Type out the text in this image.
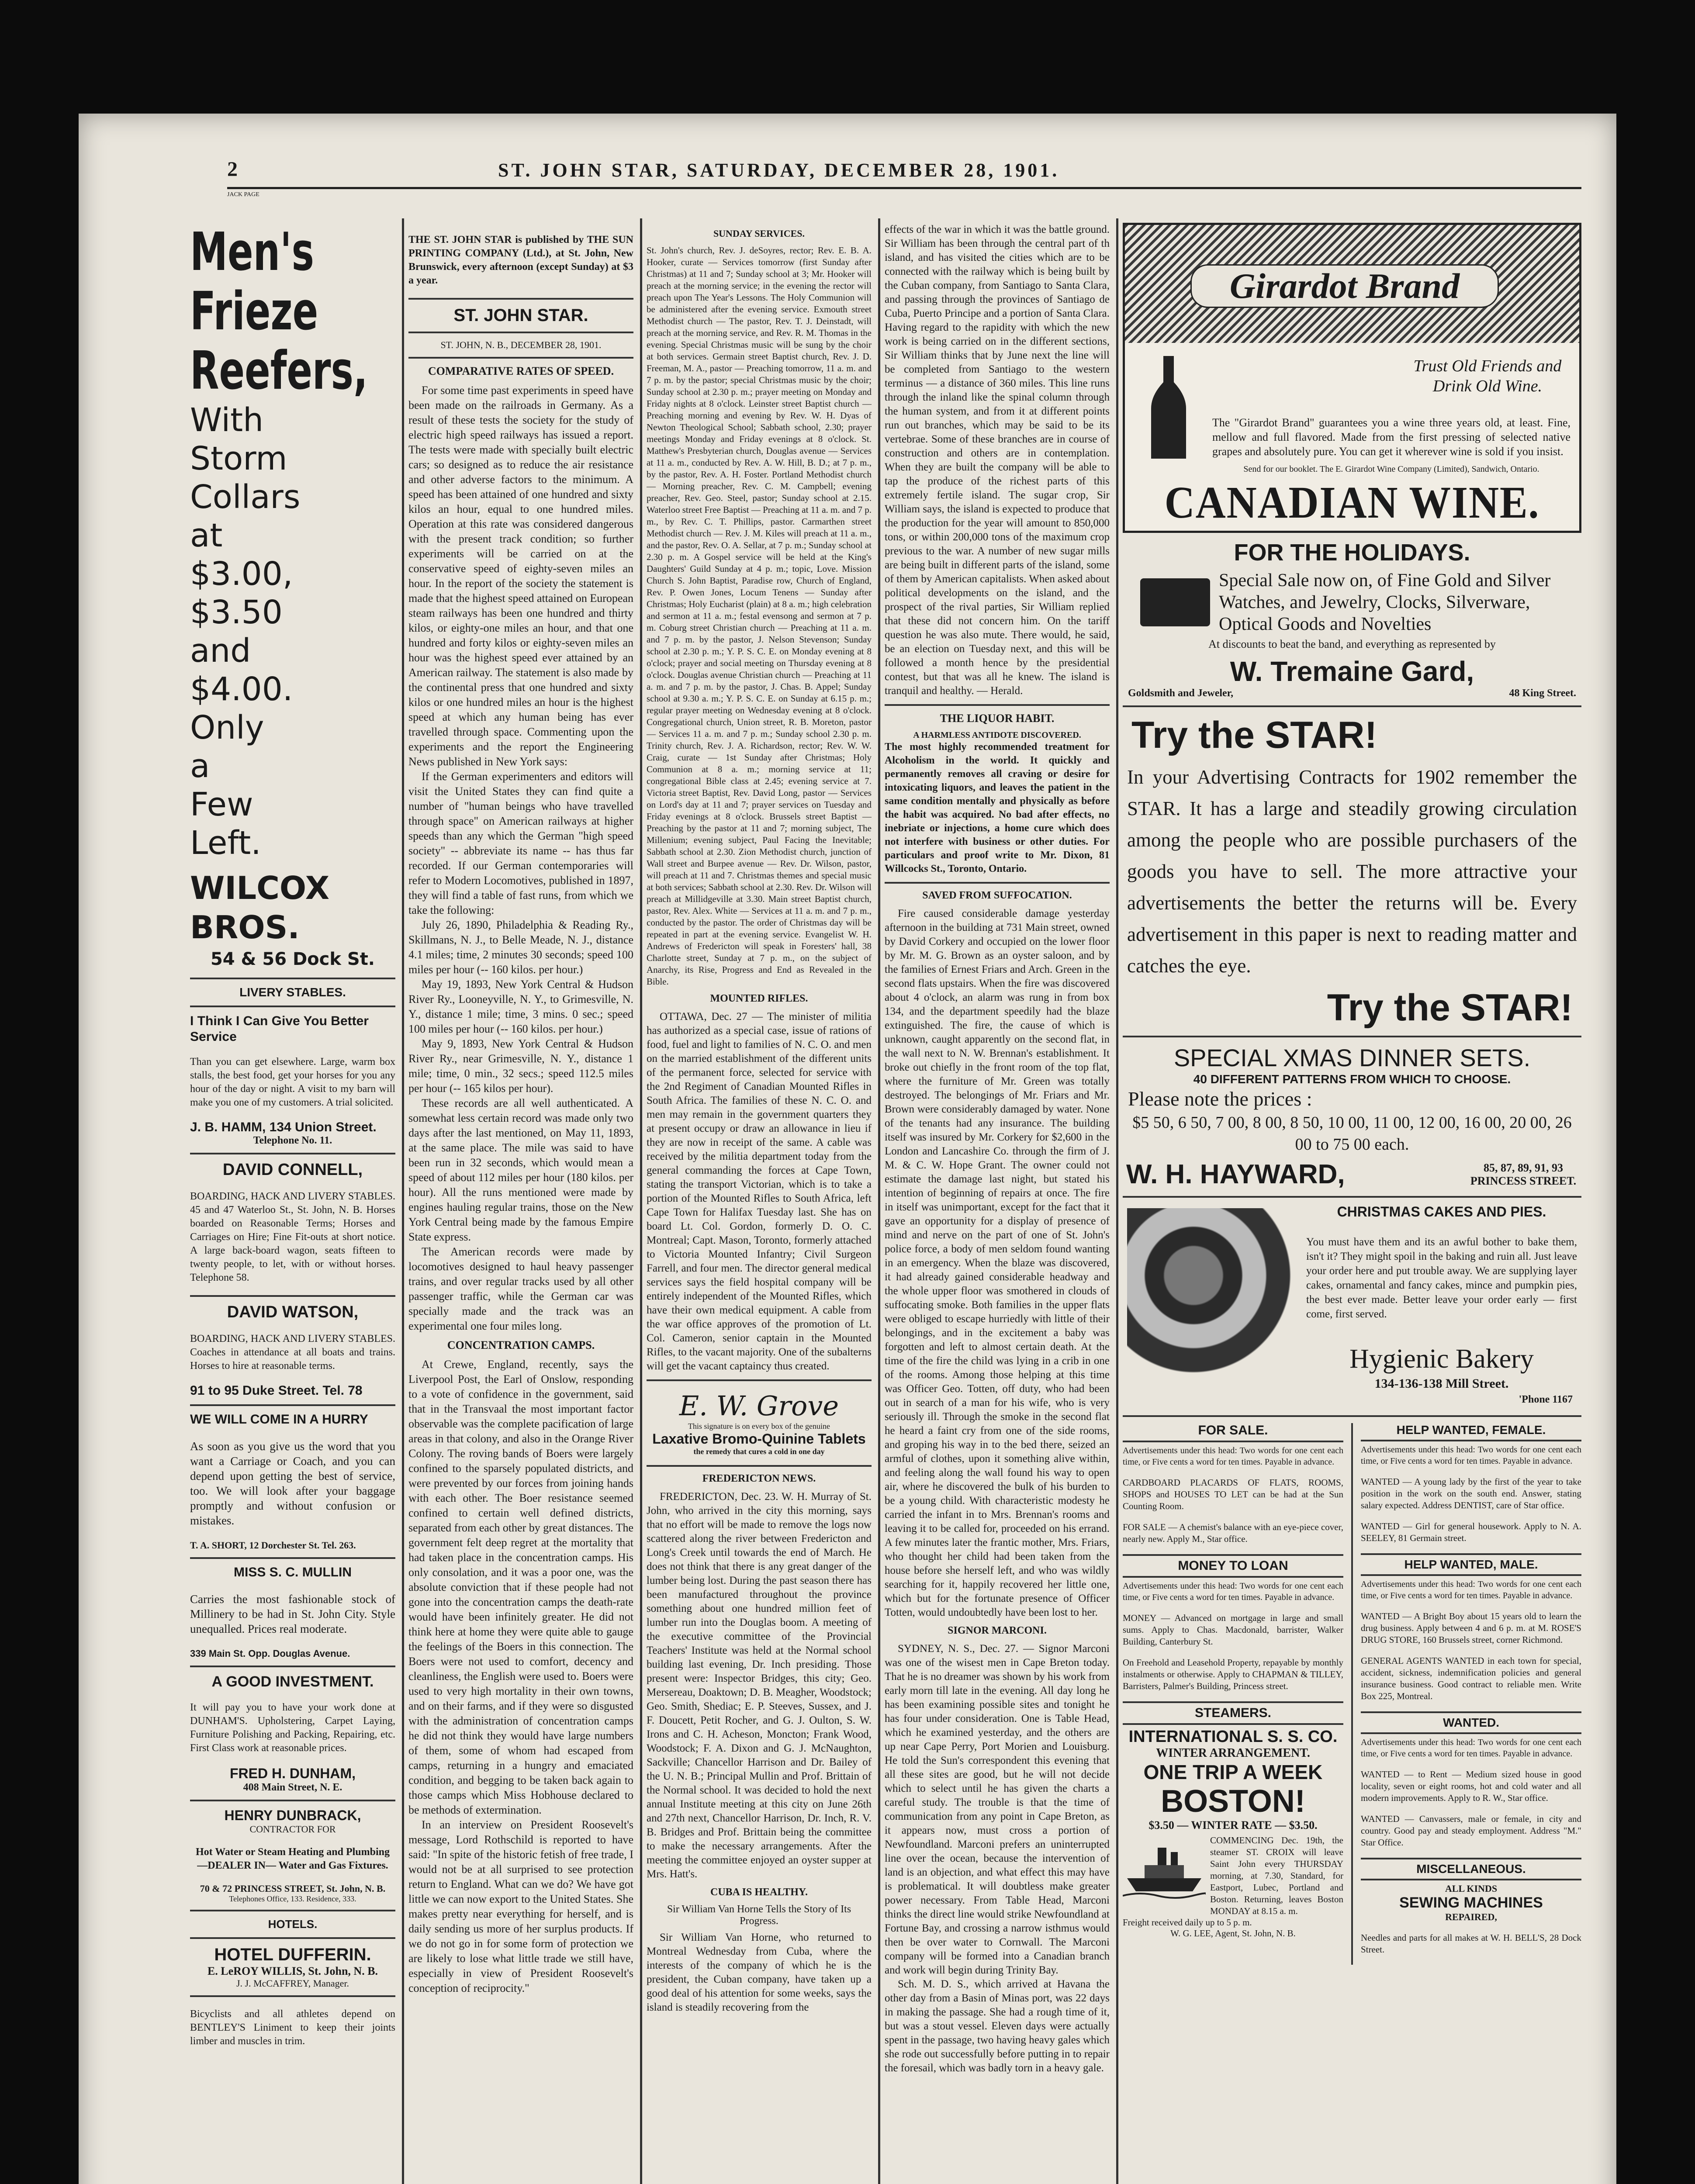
2	ST. JOHN STAR, SATURDAY, DECEMBER 28, 1901.
JACK PAGE
Men's
Frieze
Reefers,
With
Storm
Collars
at
$3.00,
$3.50
and
$4.00.
Only
a
Few
Left.
WILCOX BROS.
54 & 56 Dock St.
LIVERY STABLES.
I Think I Can Give You Better Service

Than you can get elsewhere. Large, warm box stalls, the best food, get your horses for you any hour of the day or night. A visit to my barn will make you one of my customers. A trial solicited.

J. B. HAMM, 134 Union Street.
Telephone No. 11.
DAVID CONNELL,

BOARDING, HACK AND LIVERY STABLES. 45 and 47 Waterloo St., St. John, N. B. Horses boarded on Reasonable Terms; Horses and Carriages on Hire; Fine Fit-outs at short notice. A large back-board wagon, seats fifteen to twenty people, to let, with or without horses. Telephone 58.

DAVID WATSON,

BOARDING, HACK AND LIVERY STABLES. Coaches in attendance at all boats and trains. Horses to hire at reasonable terms.

91 to 95 Duke Street. Tel. 78
WE WILL COME IN A HURRY

As soon as you give us the word that you want a Carriage or Coach, and you can depend upon getting the best of service, too. We will look after your baggage promptly and without confusion or mistakes.

T. A. SHORT, 12 Dorchester St. Tel. 263.
MISS S. C. MULLIN

Carries the most fashionable stock of Millinery to be had in St. John City. Style unequalled. Prices real moderate.

339 Main St. Opp. Douglas Avenue.
A GOOD INVESTMENT.

It will pay you to have your work done at DUNHAM'S. Upholstering, Carpet Laying, Furniture Polishing and Packing, Repairing, etc. First Class work at reasonable prices.

FRED H. DUNHAM,
408 Main Street, N. E.
HENRY DUNBRACK,
CONTRACTOR FOR

Hot Water or Steam Heating and Plumbing —DEALER IN— Water and Gas Fixtures.

70 & 72 PRINCESS STREET, St. John, N. B.
Telephones Office, 133. Residence, 333.
HOTELS.
HOTEL DUFFERIN.
E. LeROY WILLIS, St. John, N. B.
J. J. McCAFFREY, Manager.

Bicyclists and all athletes depend on BENTLEY'S Liniment to keep their joints limber and muscles in trim.

THE ST. JOHN STAR is published by THE SUN PRINTING COMPANY (Ltd.), at St. John, New Brunswick, every afternoon (except Sunday) at $3 a year.

ST. JOHN STAR.
ST. JOHN, N. B., DECEMBER 28, 1901.
COMPARATIVE RATES OF SPEED.

For some time past experiments in speed have been made on the railroads in Germany. As a result of these tests the society for the study of electric high speed railways has issued a report. The tests were made with specially built electric cars; so designed as to reduce the air resistance and other adverse factors to the minimum. A speed has been attained of one hundred and sixty kilos an hour, equal to one hundred miles. Operation at this rate was considered dangerous with the present track condition; so further experiments will be carried on at the conservative speed of eighty-seven miles an hour. In the report of the society the statement is made that the highest speed attained on European steam railways has been one hundred and thirty kilos, or eighty-one miles an hour, and that one hundred and forty kilos or eighty-seven miles an hour was the highest speed ever attained by an American railway. The statement is also made by the continental press that one hundred and sixty kilos or one hundred miles an hour is the highest speed at which any human being has ever travelled through space. Commenting upon the experiments and the report the Engineering News published in New York says:

If the German experimenters and editors will visit the United States they can find quite a number of "human beings who have travelled through space" on American railways at higher speeds than any which the German "high speed society" -- abbreviate its name -- has thus far recorded. If our German contemporaries will refer to Modern Locomotives, published in 1897, they will find a table of fast runs, from which we take the following:

July 26, 1890, Philadelphia & Reading Ry., Skillmans, N. J., to Belle Meade, N. J., distance 4.1 miles; time, 2 minutes 30 seconds; speed 100 miles per hour (-- 160 kilos. per hour.)

May 19, 1893, New York Central & Hudson River Ry., Looneyville, N. Y., to Grimesville, N. Y., distance 1 mile; time, 3 mins. 0 sec.; speed 100 miles per hour (-- 160 kilos. per hour.)

May 9, 1893, New York Central & Hudson River Ry., near Grimesville, N. Y., distance 1 mile; time, 0 min., 32 secs.; speed 112.5 miles per hour (-- 165 kilos per hour).

These records are all well authenticated. A somewhat less certain record was made only two days after the last mentioned, on May 11, 1893, at the same place. The mile was said to have been run in 32 seconds, which would mean a speed of about 112 miles per hour (180 kilos. per hour). All the runs mentioned were made by engines hauling regular trains, those on the New York Central being made by the famous Empire State express.

The American records were made by locomotives designed to haul heavy passenger trains, and over regular tracks used by all other passenger traffic, while the German car was specially made and the track was an experimental one four miles long.

CONCENTRATION CAMPS.

At Crewe, England, recently, says the Liverpool Post, the Earl of Onslow, responding to a vote of confidence in the government, said that in the Transvaal the most important factor observable was the complete pacification of large areas in that colony, and also in the Orange River Colony. The roving bands of Boers were largely confined to the sparsely populated districts, and were prevented by our forces from joining hands with each other. The Boer resistance seemed confined to certain well defined districts, separated from each other by great distances. The government felt deep regret at the mortality that had taken place in the concentration camps. His only consolation, and it was a poor one, was the absolute conviction that if these people had not gone into the concentration camps the death-rate would have been infinitely greater. He did not think here at home they were quite able to gauge the feelings of the Boers in this connection. The Boers were not used to comfort, decency and cleanliness, the English were used to. Boers were used to very high mortality in their own towns, and on their farms, and if they were so disgusted with the administration of concentration camps he did not think they would have large numbers of them, some of whom had escaped from camps, returning in a hungry and emaciated condition, and begging to be taken back again to those camps which Miss Hobhouse declared to be methods of extermination.

In an interview on President Roosevelt's message, Lord Rothschild is reported to have said: "In spite of the historic fetish of free trade, I would not be at all surprised to see protection return to England. What can we do? We have got little we can now export to the United States. She makes pretty near everything for herself, and is daily sending us more of her surplus products. If we do not go in for some form of protection we are likely to lose what little trade we still have, especially in view of President Roosevelt's conception of reciprocity."

SUNDAY SERVICES.

St. John's church, Rev. J. deSoyres, rector; Rev. E. B. A. Hooker, curate — Services tomorrow (first Sunday after Christmas) at 11 and 7; Sunday school at 3; Mr. Hooker will preach at the morning service; in the evening the rector will preach upon The Year's Lessons. The Holy Communion will be administered after the evening service. Exmouth street Methodist church — The pastor, Rev. T. J. Deinstadt, will preach at the morning service, and Rev. R. M. Thomas in the evening. Special Christmas music will be sung by the choir at both services. Germain street Baptist church, Rev. J. D. Freeman, M. A., pastor — Preaching tomorrow, 11 a. m. and 7 p. m. by the pastor; special Christmas music by the choir; Sunday school at 2.30 p. m.; prayer meeting on Monday and Friday nights at 8 o'clock. Leinster street Baptist church — Preaching morning and evening by Rev. W. H. Dyas of Newton Theological School; Sabbath school, 2.30; prayer meetings Monday and Friday evenings at 8 o'clock. St. Matthew's Presbyterian church, Douglas avenue — Services at 11 a. m., conducted by Rev. A. W. Hill, B. D.; at 7 p. m., by the pastor, Rev. A. H. Foster. Portland Methodist church — Morning preacher, Rev. C. M. Campbell; evening preacher, Rev. Geo. Steel, pastor; Sunday school at 2.15. Waterloo street Free Baptist — Preaching at 11 a. m. and 7 p. m., by Rev. C. T. Phillips, pastor. Carmarthen street Methodist church — Rev. J. M. Kiles will preach at 11 a. m., and the pastor, Rev. O. A. Sellar, at 7 p. m.; Sunday school at 2.30 p. m. A Gospel service will be held at the King's Daughters' Guild Sunday at 4 p. m.; topic, Love. Mission Church S. John Baptist, Paradise row, Church of England, Rev. P. Owen Jones, Locum Tenens — Sunday after Christmas; Holy Eucharist (plain) at 8 a. m.; high celebration and sermon at 11 a. m.; festal evensong and sermon at 7 p. m. Coburg street Christian church — Preaching at 11 a. m. and 7 p. m. by the pastor, J. Nelson Stevenson; Sunday school at 2.30 p. m.; Y. P. S. C. E. on Monday evening at 8 o'clock; prayer and social meeting on Thursday evening at 8 o'clock. Douglas avenue Christian church — Preaching at 11 a. m. and 7 p. m. by the pastor, J. Chas. B. Appel; Sunday school at 9.30 a. m.; Y. P. S. C. E. on Sunday at 6.15 p. m.; regular prayer meeting on Wednesday evening at 8 o'clock. Congregational church, Union street, R. B. Moreton, pastor — Services 11 a. m. and 7 p. m.; Sunday school 2.30 p. m. Trinity church, Rev. J. A. Richardson, rector; Rev. W. W. Craig, curate — 1st Sunday after Christmas; Holy Communion at 8 a. m.; morning service at 11; congregational Bible class at 2.45; evening service at 7. Victoria street Baptist, Rev. David Long, pastor — Services on Lord's day at 11 and 7; prayer services on Tuesday and Friday evenings at 8 o'clock. Brussels street Baptist — Preaching by the pastor at 11 and 7; morning subject, The Millenium; evening subject, Paul Facing the Inevitable; Sabbath school at 2.30. Zion Methodist church, junction of Wall street and Burpee avenue — Rev. Dr. Wilson, pastor, will preach at 11 and 7. Christmas themes and special music at both services; Sabbath school at 2.30. Rev. Dr. Wilson will preach at Millidgeville at 3.30. Main street Baptist church, pastor, Rev. Alex. White — Services at 11 a. m. and 7 p. m., conducted by the pastor. The order of Christmas day will be repeated in part at the evening service. Evangelist W. H. Andrews of Fredericton will speak in Foresters' hall, 38 Charlotte street, Sunday at 7 p. m., on the subject of Anarchy, its Rise, Progress and End as Revealed in the Bible.

MOUNTED RIFLES.

OTTAWA, Dec. 27 — The minister of militia has authorized as a special case, issue of rations of food, fuel and light to families of N. C. O. and men on the married establishment of the different units of the permanent force, selected for service with the 2nd Regiment of Canadian Mounted Rifles in South Africa. The families of these N. C. O. and men may remain in the government quarters they at present occupy or draw an allowance in lieu if they are now in receipt of the same. A cable was received by the militia department today from the general commanding the forces at Cape Town, stating the transport Victorian, which is to take a portion of the Mounted Rifles to South Africa, left Cape Town for Halifax Tuesday last. She has on board Lt. Col. Gordon, formerly D. O. C. Montreal; Capt. Mason, Toronto, formerly attached to Victoria Mounted Infantry; Civil Surgeon Farrell, and four men. The director general medical services says the field hospital company will be entirely independent of the Mounted Rifles, which have their own medical equipment. A cable from the war office approves of the promotion of Lt. Col. Cameron, senior captain in the Mounted Rifles, to the vacant majority. One of the subalterns will get the vacant captaincy thus created.

E. W. Grove
This signature is on every box of the genuine
Laxative Bromo-Quinine Tablets
the remedy that cures a cold in one day
FREDERICTON NEWS.

FREDERICTON, Dec. 23. W. H. Murray of St. John, who arrived in the city this morning, says that no effort will be made to remove the logs now scattered along the river between Fredericton and Long's Creek until towards the end of March. He does not think that there is any great danger of the lumber being lost. During the past season there has been manufactured throughout the province something about one hundred million feet of lumber run into the Douglas boom. A meeting of the executive committee of the Provincial Teachers' Institute was held at the Normal school building last evening, Dr. Inch presiding. Those present were: Inspector Bridges, this city; Geo. Mersereau, Doaktown; D. B. Meagher, Woodstock; Geo. Smith, Shediac; E. P. Steeves, Sussex, and J. F. Doucett, Petit Rocher, and G. J. Oulton, S. W. Irons and C. H. Acheson, Moncton; Frank Wood, Woodstock; F. A. Dixon and G. J. McNaughton, Sackville; Chancellor Harrison and Dr. Bailey of the U. N. B.; Principal Mullin and Prof. Brittain of the Normal school. It was decided to hold the next annual Institute meeting at this city on June 26th and 27th next, Chancellor Harrison, Dr. Inch, R. V. B. Bridges and Prof. Brittain being the committee to make the necessary arrangements. After the meeting the committee enjoyed an oyster supper at Mrs. Hatt's.

CUBA IS HEALTHY.
Sir William Van Horne Tells the Story of Its Progress.

Sir William Van Horne, who returned to Montreal Wednesday from Cuba, where the interests of the company of which he is the president, the Cuban company, have taken up a good deal of his attention for some weeks, says the island is steadily recovering from the

effects of the war in which it was the battle ground. Sir William has been through the central part of th island, and has visited the cities which are to be connected with the railway which is being built by the Cuban company, from Santiago to Santa Clara, and passing through the provinces of Santiago de Cuba, Puerto Principe and a portion of Santa Clara. Having regard to the rapidity with which the new work is being carried on in the different sections, Sir William thinks that by June next the line will be completed from Santiago to the western terminus — a distance of 360 miles. This line runs through the inland like the spinal column through the human system, and from it at different points run out branches, which may be said to be its vertebrae. Some of these branches are in course of construction and others are in contemplation. When they are built the company will be able to tap the produce of the richest parts of this extremely fertile island. The sugar crop, Sir William says, the island is expected to produce that the production for the year will amount to 850,000 tons, or within 200,000 tons of the maximum crop previous to the war. A number of new sugar mills are being built in different parts of the island, some of them by American capitalists. When asked about political developments on the island, and the prospect of the rival parties, Sir William replied that these did not concern him. On the tariff question he was also mute. There would, he said, be an election on Tuesday next, and this will be followed a month hence by the presidential contest, but that was all he knew. The island is tranquil and healthy. — Herald.

THE LIQUOR HABIT.
A HARMLESS ANTIDOTE DISCOVERED.

The most highly recommended treatment for Alcoholism in the world. It quickly and permanently removes all craving or desire for intoxicating liquors, and leaves the patient in the same condition mentally and physically as before the habit was acquired. No bad after effects, no inebriate or injections, a home cure which does not interfere with business or other duties. For particulars and proof write to Mr. Dixon, 81 Willcocks St., Toronto, Ontario.

SAVED FROM SUFFOCATION.

Fire caused considerable damage yesterday afternoon in the building at 731 Main street, owned by David Corkery and occupied on the lower floor by Mr. M. G. Brown as an oyster saloon, and by the families of Ernest Friars and Arch. Green in the second flats upstairs. When the fire was discovered about 4 o'clock, an alarm was rung in from box 134, and the department speedily had the blaze extinguished. The fire, the cause of which is unknown, caught apparently on the second flat, in the wall next to N. W. Brennan's establishment. It broke out chiefly in the front room of the top flat, where the furniture of Mr. Green was totally destroyed. The belongings of Mr. Friars and Mr. Brown were considerably damaged by water. None of the tenants had any insurance. The building itself was insured by Mr. Corkery for $2,600 in the London and Lancashire Co. through the firm of J. M. & C. W. Hope Grant. The owner could not estimate the damage last night, but stated his intention of beginning of repairs at once. The fire in itself was unimportant, except for the fact that it gave an opportunity for a display of presence of mind and nerve on the part of one of St. John's police force, a body of men seldom found wanting in an emergency. When the blaze was discovered, it had already gained considerable headway and the whole upper floor was smothered in clouds of suffocating smoke. Both families in the upper flats were obliged to escape hurriedly with little of their belongings, and in the excitement a baby was forgotten and left to almost certain death. At the time of the fire the child was lying in a crib in one of the rooms. Among those helping at this time was Officer Geo. Totten, off duty, who had been out in search of a man for his wife, who is very seriously ill. Through the smoke in the second flat he heard a faint cry from one of the side rooms, and groping his way in to the bed there, seized an armful of clothes, upon it something alive within, and feeling along the wall found his way to open air, where he discovered the bulk of his burden to be a young child. With characteristic modesty he carried the infant in to Mrs. Brennan's rooms and leaving it to be called for, proceeded on his errand. A few minutes later the frantic mother, Mrs. Friars, who thought her child had been taken from the house before she herself left, and who was wildly searching for it, happily recovered her little one, which but for the fortunate presence of Officer Totten, would undoubtedly have been lost to her.

SIGNOR MARCONI.

SYDNEY, N. S., Dec. 27. — Signor Marconi was one of the wisest men in Cape Breton today. That he is no dreamer was shown by his work from early morn till late in the evening. All day long he has been examining possible sites and tonight he has four under consideration. One is Table Head, which he examined yesterday, and the others are up near Cape Perry, Port Morien and Louisburg. He told the Sun's correspondent this evening that all these sites are good, but he will not decide which to select until he has given the charts a careful study. The trouble is that the time of communication from any point in Cape Breton, as it appears now, must cross a portion of Newfoundland. Marconi prefers an uninterrupted line over the ocean, because the intervention of land is an objection, and what effect this may have is problematical. It will doubtless make greater power necessary. From Table Head, Marconi thinks the direct line would strike Newfoundland at Fortune Bay, and crossing a narrow isthmus would then be over water to Cornwall. The Marconi company will be formed into a Canadian branch and work will begin during Trinity Bay.

Sch. M. D. S., which arrived at Havana the other day from a Basin of Minas port, was 22 days in making the passage. She had a rough time of it, but was a stout vessel. Eleven days were actually spent in the passage, two having heavy gales which she rode out successfully before putting in to repair the foresail, which was badly torn in a heavy gale.

Girardot Brand
Trust Old Friends and
Drink Old Wine.

The "Girardot Brand" guarantees you a wine three years old, at least. Fine, mellow and full flavored. Made from the first pressing of selected native grapes and absolutely pure. You can get it wherever wine is sold if you insist.

Send for our booklet. The E. Girardot Wine Company (Limited), Sandwich, Ontario.
CANADIAN WINE.
FOR THE HOLIDAYS.
Special Sale now on, of Fine Gold and Silver Watches, and Jewelry, Clocks, Silverware, Optical Goods and Novelties
At discounts to beat the band, and everything as represented by
W. Tremaine Gard,
Goldsmith and Jeweler,	48 King Street.
Try the STAR!

In your Advertising Contracts for 1902 remember the STAR. It has a large and steadily growing circulation among the people who are possible purchasers of the goods you have to sell. The more attractive your advertisements the better the returns will be. Every advertisement in this paper is next to reading matter and catches the eye.

Try the STAR!
SPECIAL XMAS DINNER SETS.
40 DIFFERENT PATTERNS FROM WHICH TO CHOOSE.
Please note the prices :
$5 50, 6 50, 7 00, 8 00, 8 50, 10 00, 11 00, 12 00, 16 00, 20 00, 26 00 to 75 00 each.
W. H. HAYWARD,	85, 87, 89, 91, 93 PRINCESS STREET.
CHRISTMAS CAKES AND PIES.

You must have them and its an awful bother to bake them, isn't it? They might spoil in the baking and ruin all. Just leave your order here and put trouble away. We are supplying layer cakes, ornamental and fancy cakes, mince and pumpkin pies, the best ever made. Better leave your order early — first come, first served.

Hygienic Bakery
134-136-138 Mill Street.
'Phone 1167
FOR SALE.

Advertisements under this head: Two words for one cent each time, or Five cents a word for ten times. Payable in advance.

CARDBOARD PLACARDS OF FLATS, ROOMS, SHOPS and HOUSES TO LET can be had at the Sun Counting Room.

FOR SALE — A chemist's balance with an eye-piece cover, nearly new. Apply M., Star office.

MONEY TO LOAN

Advertisements under this head: Two words for one cent each time, or Five cents a word for ten times. Payable in advance.

MONEY — Advanced on mortgage in large and small sums. Apply to Chas. Macdonald, barrister, Walker Building, Canterbury St.

On Freehold and Leasehold Property, repayable by monthly instalments or otherwise. Apply to CHAPMAN & TILLEY, Barristers, Palmer's Building, Princess street.

STEAMERS.
INTERNATIONAL S. S. CO.
WINTER ARRANGEMENT.
ONE TRIP A WEEK
BOSTON!
$3.50 — WINTER RATE — $3.50.

COMMENCING Dec. 19th, the steamer ST. CROIX will leave Saint John every THURSDAY morning, at 7.30, Standard, for Eastport, Lubec, Portland and Boston. Returning, leaves Boston MONDAY at 8.15 a. m.

Freight received daily up to 5 p. m.
W. G. LEE, Agent, St. John, N. B.
HELP WANTED, FEMALE.

Advertisements under this head: Two words for one cent each time, or Five cents a word for ten times. Payable in advance.

WANTED — A young lady by the first of the year to take position in the work on the south end. Answer, stating salary expected. Address DENTIST, care of Star office.

WANTED — Girl for general housework. Apply to N. A. SEELEY, 81 Germain street.

HELP WANTED, MALE.

Advertisements under this head: Two words for one cent each time, or Five cents a word for ten times. Payable in advance.

WANTED — A Bright Boy about 15 years old to learn the drug business. Apply between 4 and 6 p. m. at M. ROSE'S DRUG STORE, 160 Brussels street, corner Richmond.

GENERAL AGENTS WANTED in each town for special, accident, sickness, indemnification policies and general insurance business. Good contract to reliable men. Write Box 225, Montreal.

WANTED.

Advertisements under this head: Two words for one cent each time, or Five cents a word for ten times. Payable in advance.

WANTED — to Rent — Medium sized house in good locality, seven or eight rooms, hot and cold water and all modern improvements. Apply to R. W., Star office.

WANTED — Canvassers, male or female, in city and country. Good pay and steady employment. Address "M." Star Office.

MISCELLANEOUS.
ALL KINDS
SEWING MACHINES
REPAIRED,

Needles and parts for all makes at W. H. BELL'S, 28 Dock Street.
